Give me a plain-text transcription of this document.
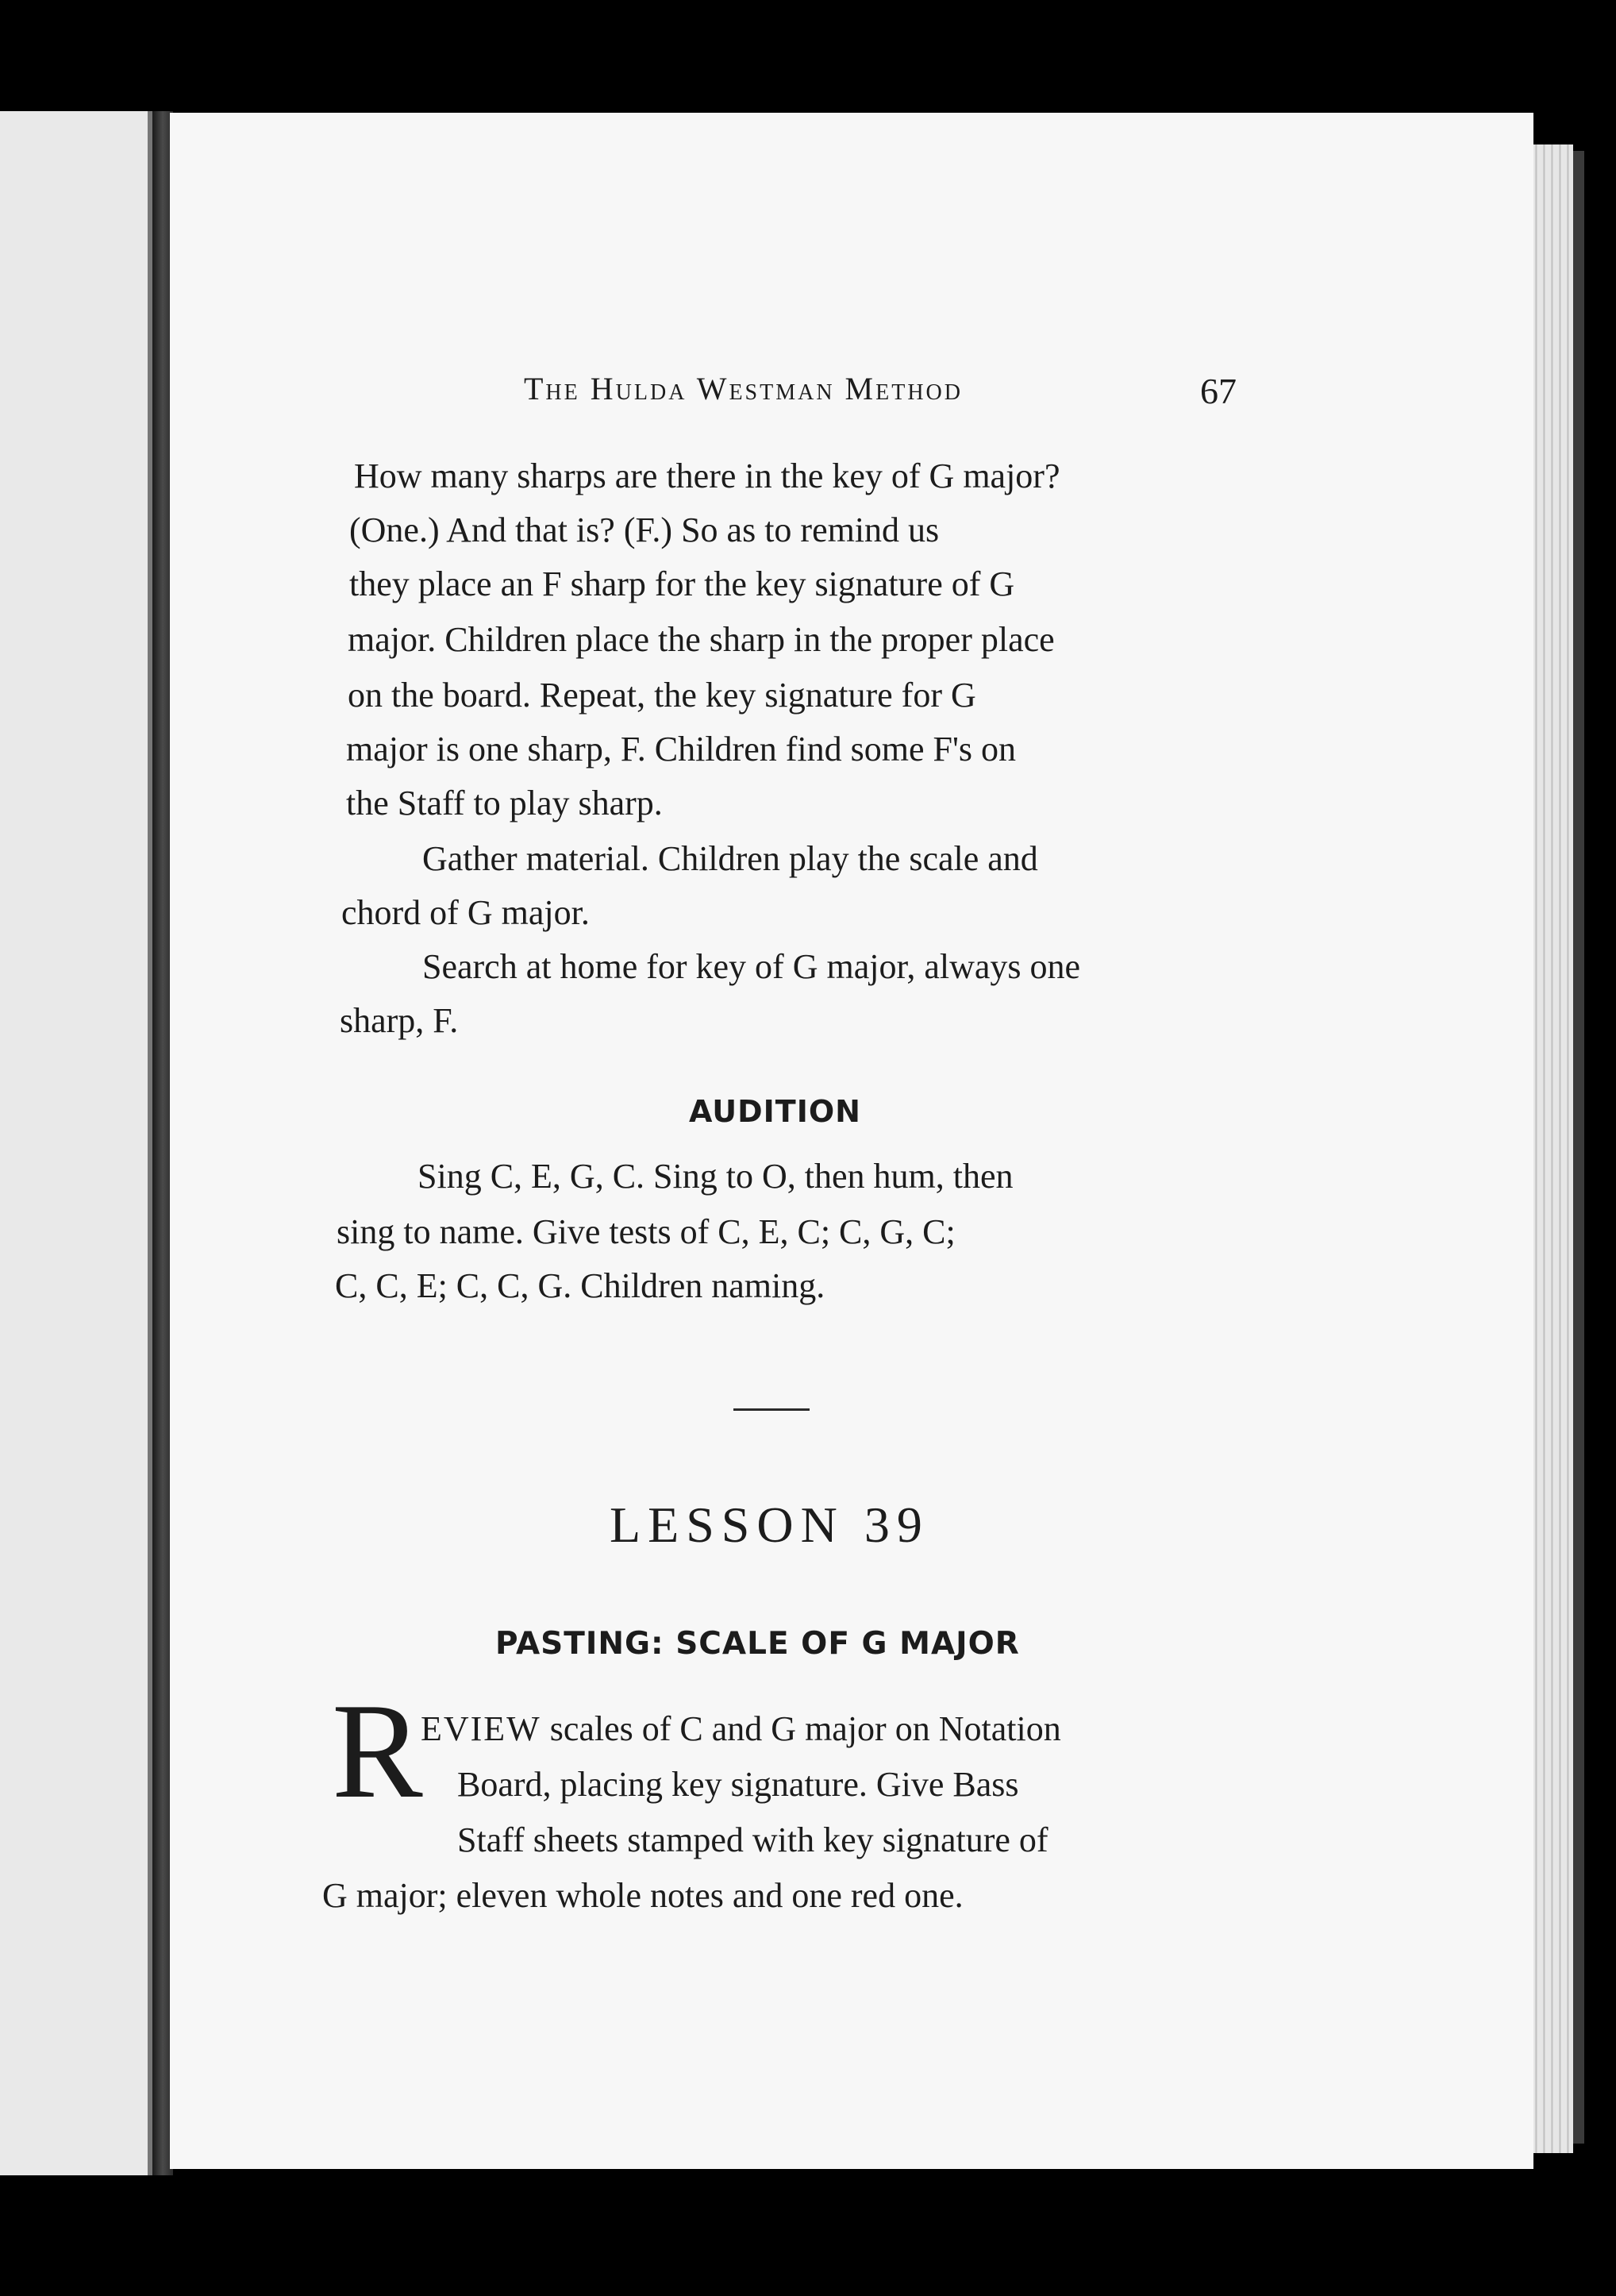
The Hulda Westman Method	67
How many sharps are there in the key of G major?
(One.) And that is? (F.) So as to remind us
they place an F sharp for the key signature of G
major. Children place the sharp in the proper place
on the board. Repeat, the key signature for G
major is one sharp, F. Children find some F's on
the Staff to play sharp.
Gather material. Children play the scale and
chord of G major.
Search at home for key of G major, always one
sharp, F.
AUDITION
Sing C, E, G, C. Sing to O, then hum, then
sing to name. Give tests of C, E, C; C, G, C;
C, C, E; C, C, G. Children naming.
LESSON 39
PASTING: SCALE OF G MAJOR
R
EVIEW scales of C and G major on Notation
Board, placing key signature. Give Bass
Staff sheets stamped with key signature of
G major; eleven whole notes and one red one.
